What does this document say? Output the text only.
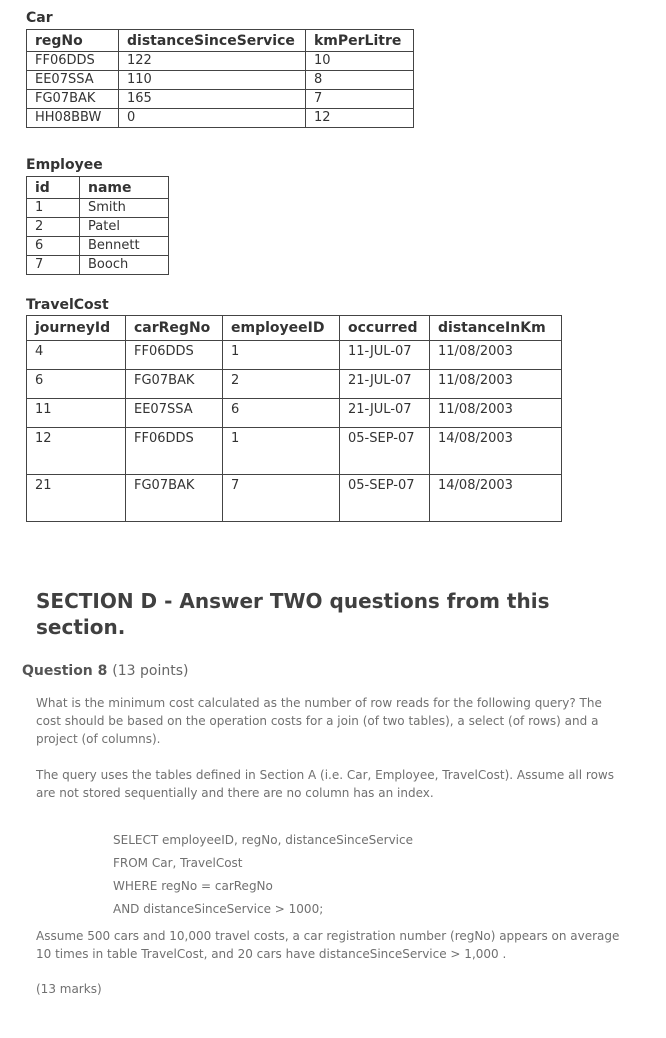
Car
regNo	distanceSinceService	kmPerLitre
FF06DDS	122	10
EE07SSA	110	8
FG07BAK	165	7
HH08BBW	0	12
Employee
id	name
1	Smith
2	Patel
6	Bennett
7	Booch
TravelCost
journeyId	carRegNo	employeeID	occurred	distanceInKm
4	FF06DDS	1	11-JUL-07	11/08/2003
6	FG07BAK	2	21-JUL-07	11/08/2003
11	EE07SSA	6	21-JUL-07	11/08/2003
12	FF06DDS	1	05-SEP-07	14/08/2003
21	FG07BAK	7	05-SEP-07	14/08/2003
SECTION D - Answer TWO questions from this section.
Question 8 (13 points)
What is the minimum cost calculated as the number of row reads for the following query? The cost should be based on the operation costs for a join (of two tables), a select (of rows) and a project (of columns).
The query uses the tables defined in Section A (i.e. Car, Employee, TravelCost). Assume all rows are not stored sequentially and there are no column has an index.
SELECT employeeID, regNo, distanceSinceService
FROM Car, TravelCost
WHERE regNo = carRegNo
AND distanceSinceService > 1000;
Assume 500 cars and 10,000 travel costs, a car registration number (regNo) appears on average 10 times in table TravelCost, and 20 cars have distanceSinceService > 1,000 .
(13 marks)
